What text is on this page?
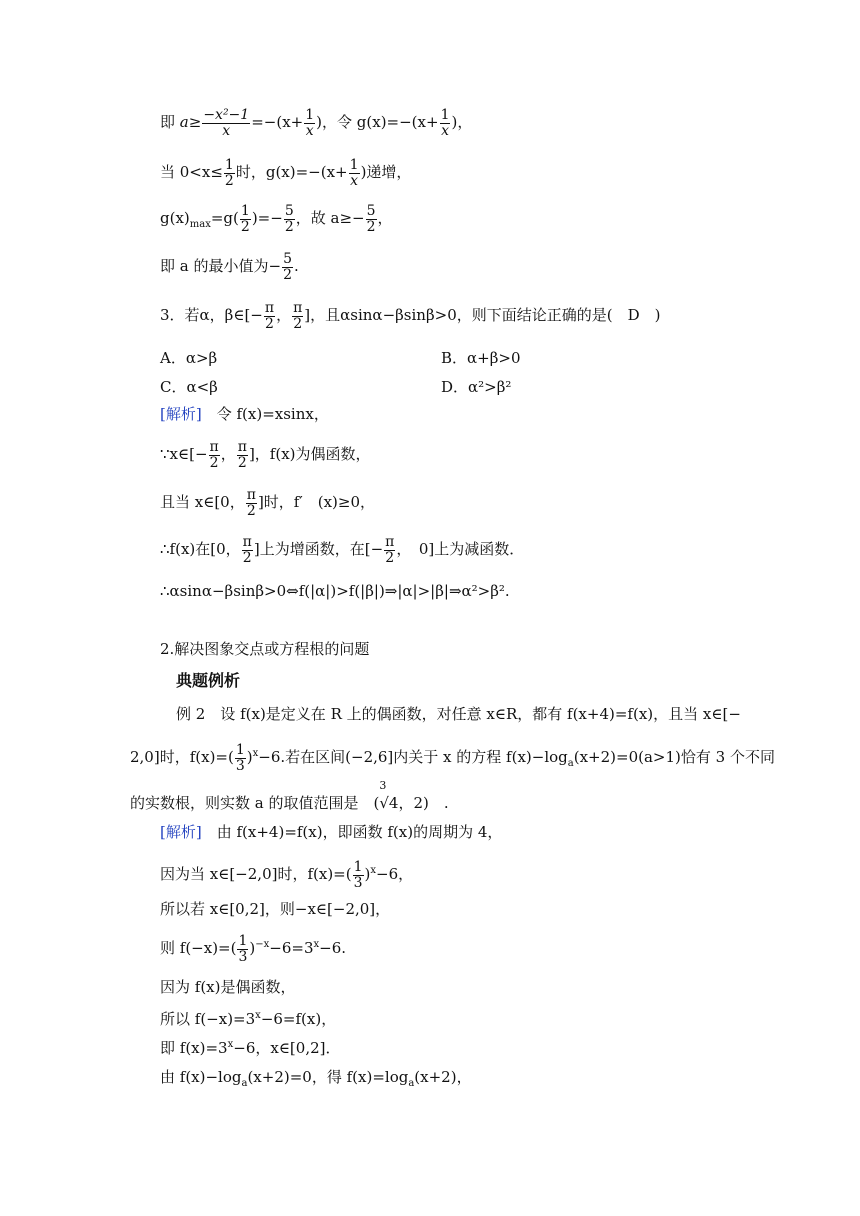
即 $a\ge \frac{\text{−x²−1}}{x} =-(x+ \frac{1}{x}$ )，令 $g(x)=-(x+ \frac{1}{x}$ )，
当 $0<x\le \frac{1}{2}$ 时，$g(x)=-(x+ \frac{1}{x}$ )递增，
$g(x)_{max}=g( \frac{1}{2}$ )=− $\frac{5}{2}$ ，故 $a\ge- \frac{5}{2}$ ，
即 a 的最小值为− $\frac{5}{2}$ .
3．若α，β∈[− $\frac{\pi}{2}$ ， $\frac{\pi}{2}$ ]，且αsinα−βsinβ>0，则下面结论正确的是(　D　)
A．α>β	B．α+β>0
C．α<β	D．α²>β²
[解析]　令 f(x)=xsinx，
∵x∈[− $\frac{\pi}{2}$ ， $\frac{\pi}{2}$ ]，f(x)为偶函数，
且当 x∈[0， $\frac{\pi}{2}$ ]时，f′　(x)≥0，
∴f(x)在[0， $\frac{\pi}{2}$ ]上为增函数，在[− $\frac{\pi}{2}$ ，　0]上为减函数．
∴αsinα−βsinβ>0⇔f(|α|)>f(|β|)⇒|α|>|β|⇒α²>β².
2.解决图象交点或方程根的问题
典题例析
例 2　设 f(x)是定义在 R 上的偶函数，对任意 x∈R，都有 f(x+4)=f(x)，且当 x∈[−
2,0]时，$f(x)=( \frac{1}{3} )^x-6$.若在区间(−2,6]内关于 x 的方程 $f(x)-\log_a(x+2)=0(a>1)$恰有 3 个不同
的实数根，则实数 a 的取值范围是　(
3
√4，2)　.
[解析]　由 f(x+4)=f(x)，即函数 f(x)的周期为 4，
因为当 x∈[−2,0]时，$f(x)=( \frac{1}{3} )^x-6$，
所以若 x∈[0,2]，则−x∈[−2,0]，
则 $f(-x)=( \frac{1}{3} )^{-x}-6=3^x-6$.
因为 f(x)是偶函数，
所以 $f(-x)=3^x-6=f(x)$，
即 $f(x)=3^x-6$，x∈[0,2]．
由 $f(x)-\log_a(x+2)=0$，得 $f(x)=\log_a(x+2)$，
